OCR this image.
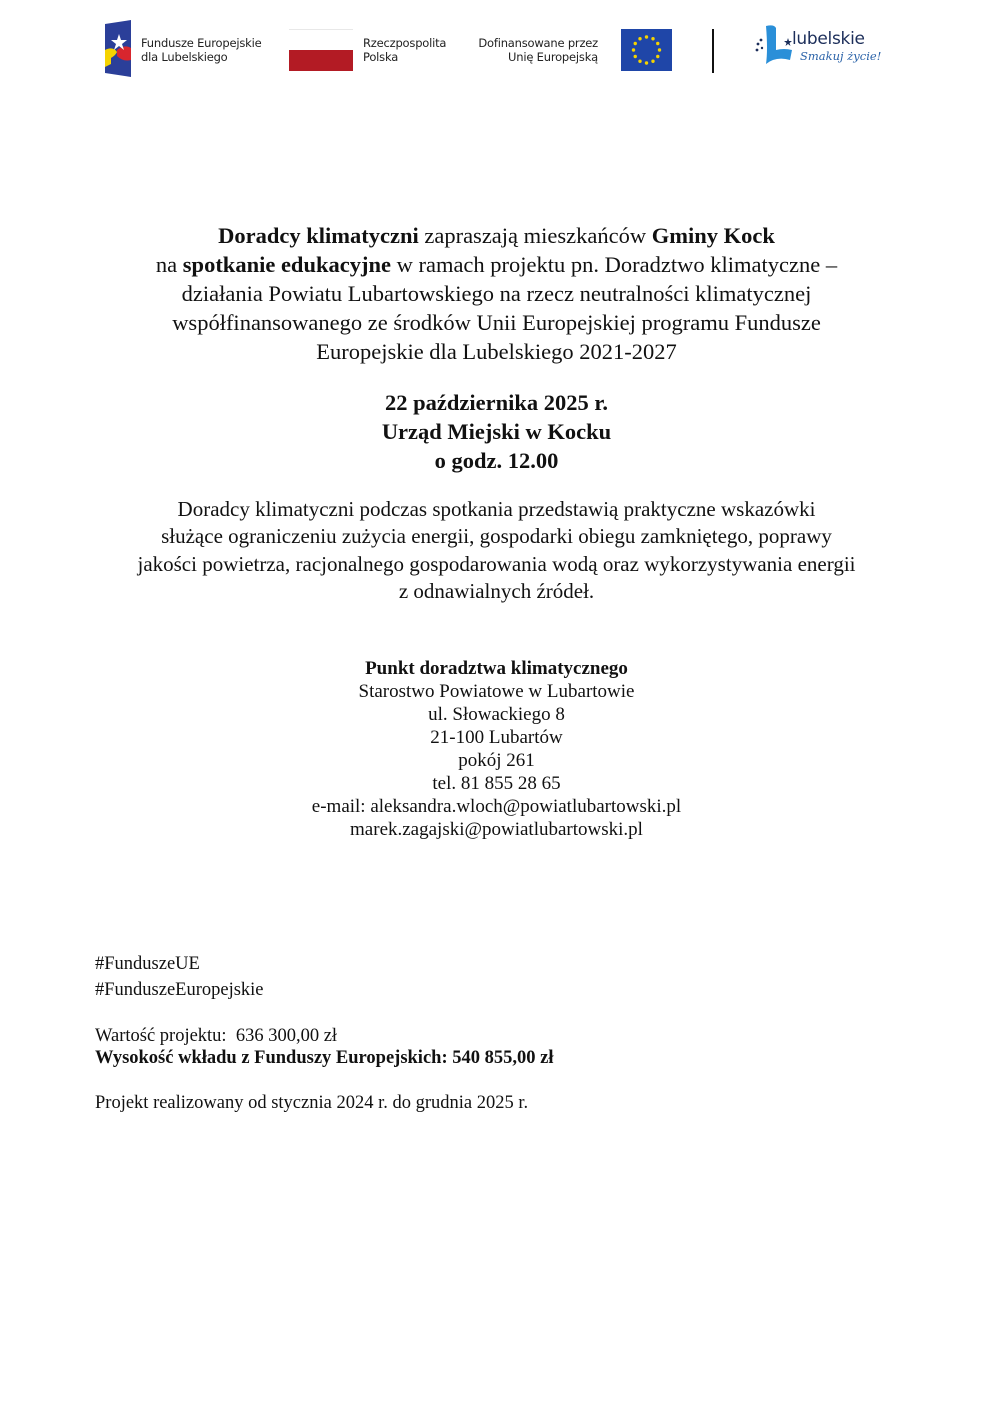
Fundusze Europejskie
dla Lubelskiego
Rzeczpospolita
Polska
Dofinansowane przez
Unię Europejską
lubelskie
Smakuj życie!
Doradcy klimatyczni zapraszają mieszkańców Gminy Kock
na spotkanie edukacyjne w ramach projektu pn. Doradztwo klimatyczne –
działania Powiatu Lubartowskiego na rzecz neutralności klimatycznej
współfinansowanego ze środków Unii Europejskiej programu Fundusze
Europejskie dla Lubelskiego 2021-2027
22 października 2025 r.
Urząd Miejski w Kocku
o godz. 12.00
Doradcy klimatyczni podczas spotkania przedstawią praktyczne wskazówki
służące ograniczeniu zużycia energii, gospodarki obiegu zamkniętego, poprawy
jakości powietrza, racjonalnego gospodarowania wodą oraz wykorzystywania energii
z odnawialnych źródeł.
Punkt doradztwa klimatycznego
Starostwo Powiatowe w Lubartowie
ul. Słowackiego 8
21-100 Lubartów
pokój 261
tel. 81 855 28 65
e-mail: aleksandra.wloch@powiatlubartowski.pl
marek.zagajski@powiatlubartowski.pl
#FunduszeUE
#FunduszeEuropejskie
Wartość projektu:  636 300,00 zł
Wysokość wkładu z Funduszy Europejskich: 540 855,00 zł
Projekt realizowany od stycznia 2024 r. do grudnia 2025 r.
